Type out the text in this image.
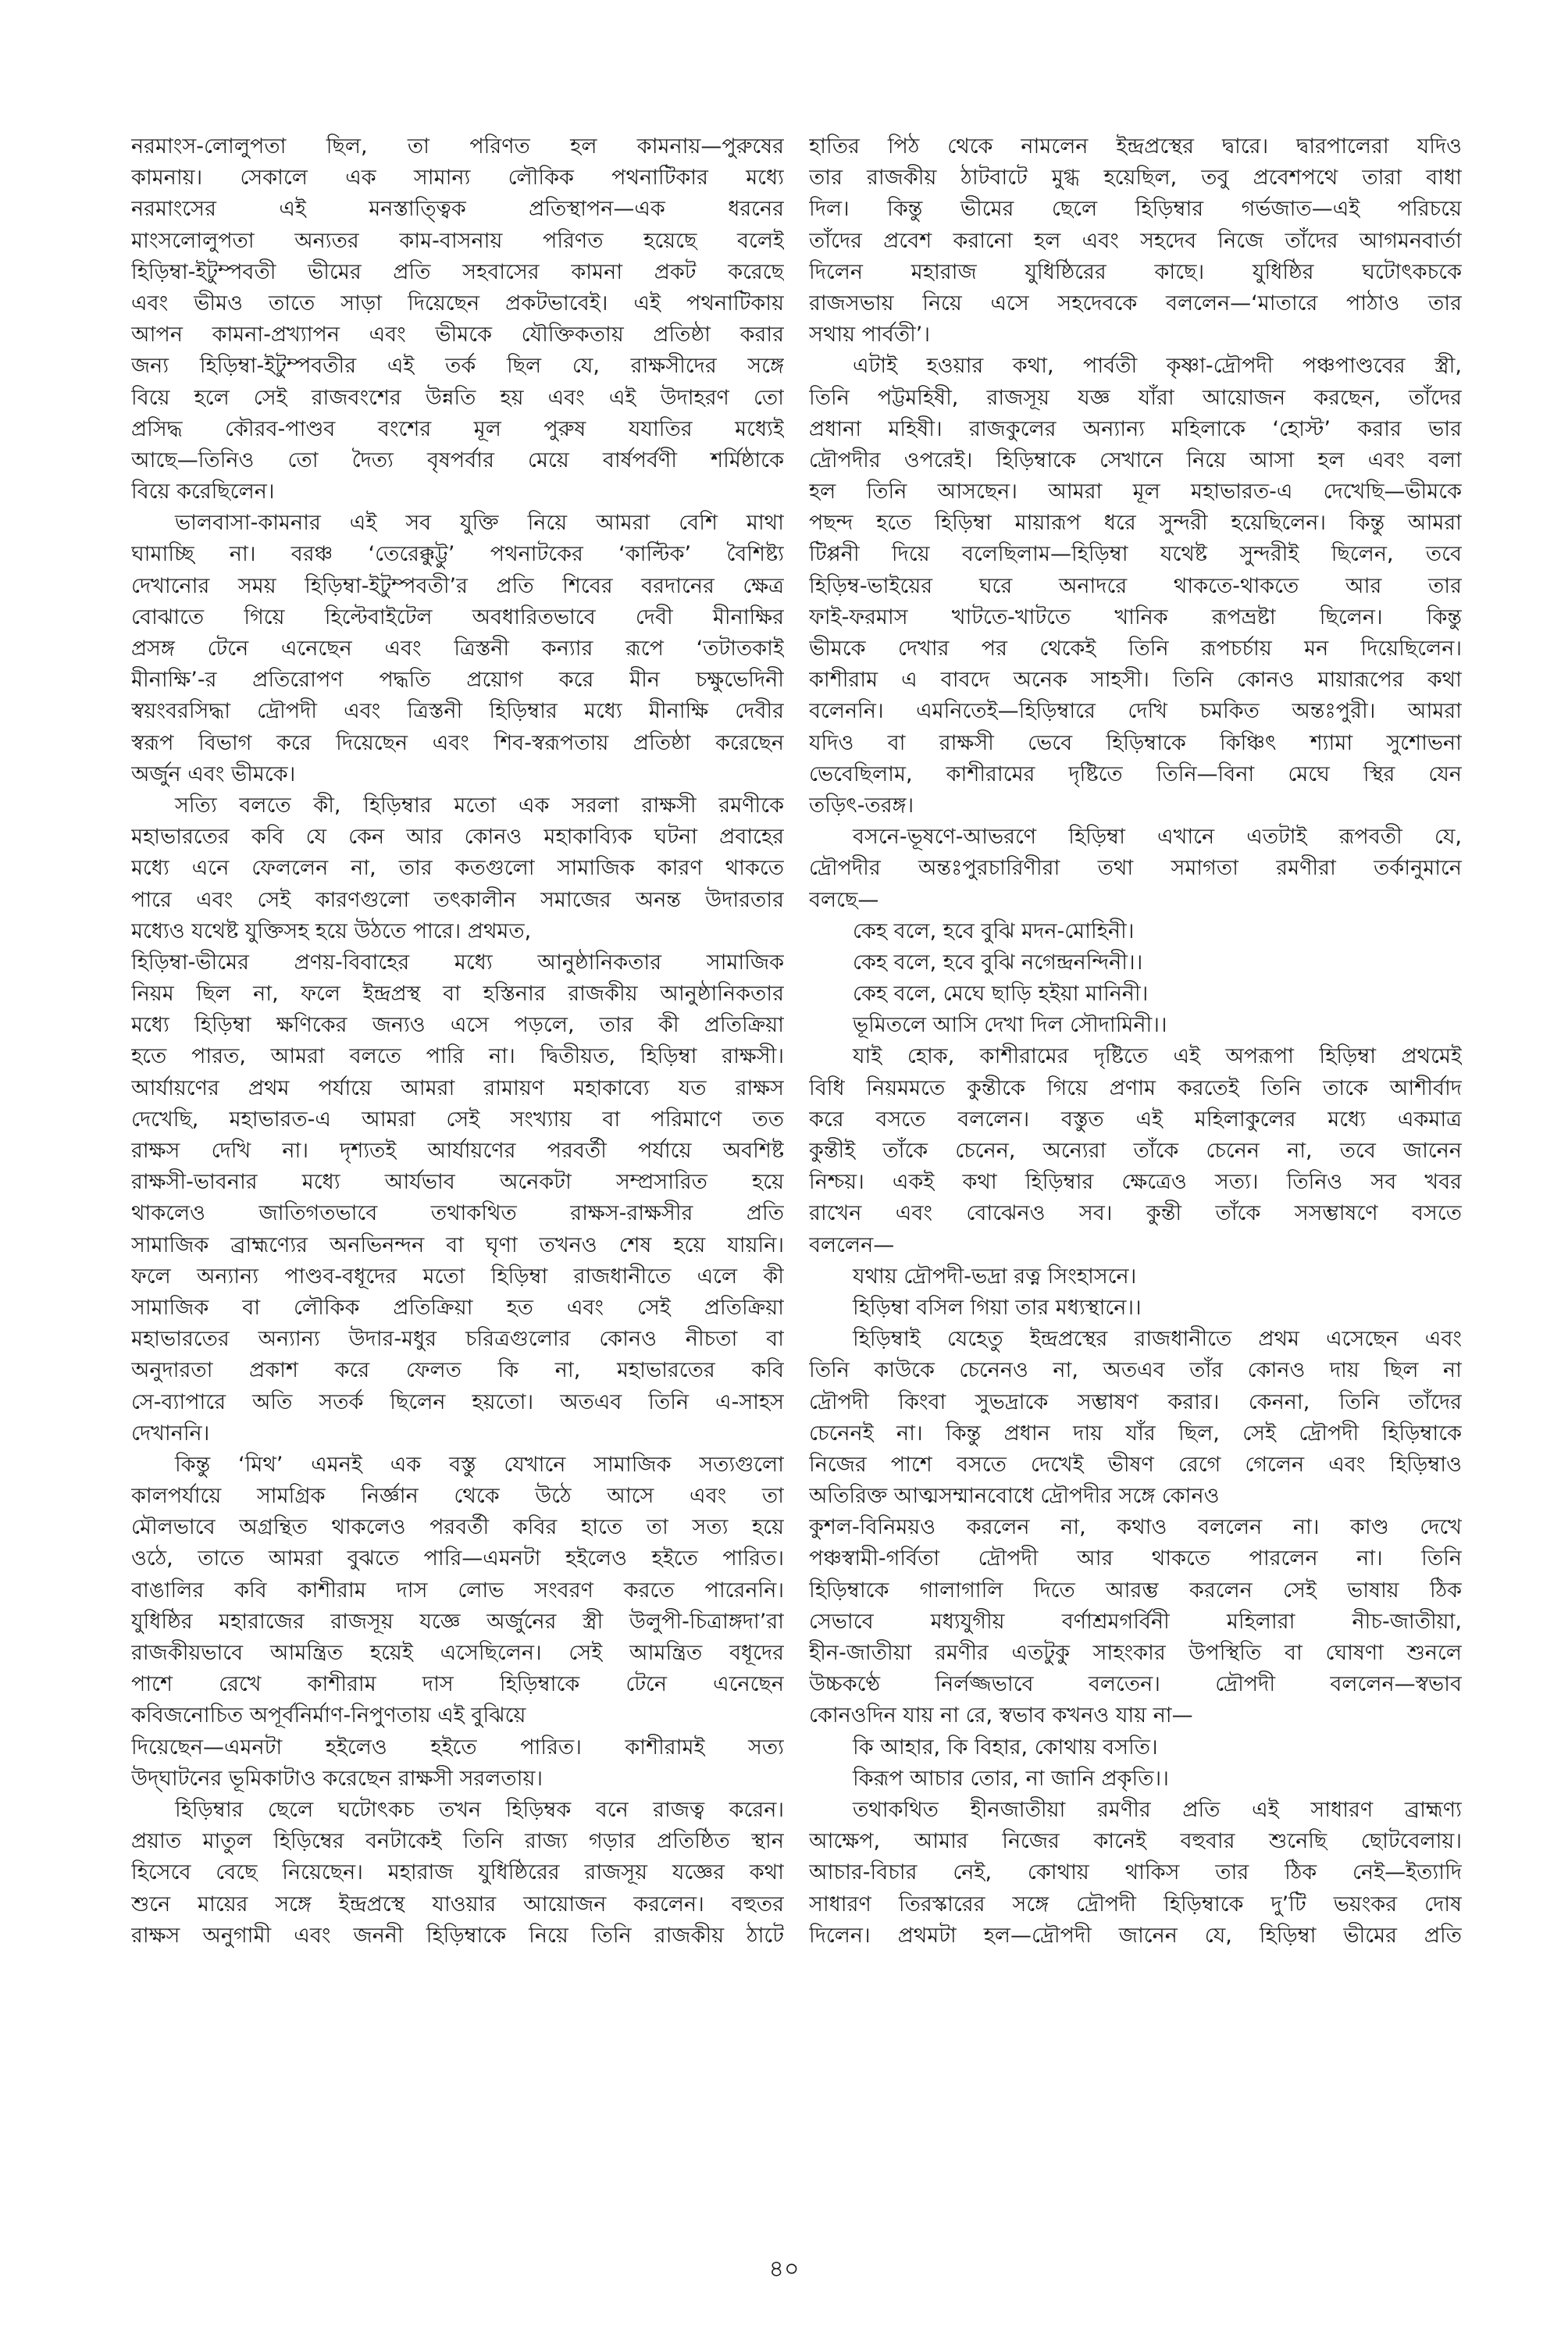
নরমাংস-লোলুপতা ছিল, তা পরিণত হল কামনায়—পুরুষের
কামনায়। সেকালে এক সামান্য লৌকিক পথনাটিকার মধ্যে
নরমাংসের এই মনস্তাত্ত্বিক প্রতিস্থাপন—এক ধরনের
মাংসলোলুপতা অন্যতর কাম-বাসনায় পরিণত হয়েছে বলেই
হিড়িম্বা-ইটুম্পবতী ভীমের প্রতি সহবাসের কামনা প্রকট করেছে
এবং ভীমও তাতে সাড়া দিয়েছেন প্রকটভাবেই। এই পথনাটিকায়
আপন কামনা-প্রখ্যাপন এবং ভীমকে যৌক্তিকতায় প্রতিষ্ঠা করার
জন্য হিড়িম্বা-ইটুম্পবতীর এই তর্ক ছিল যে, রাক্ষসীদের সঙ্গে
বিয়ে হলে সেই রাজবংশের উন্নতি হয় এবং এই উদাহরণ তো
প্রসিদ্ধ কৌরব-পাণ্ডব বংশের মূল পুরুষ যযাতির মধ্যেই
আছে—তিনিও তো দৈত্য বৃষপর্বার মেয়ে বার্ষপর্বণী শর্মিষ্ঠাকে
বিয়ে করেছিলেন।
ভালবাসা-কামনার এই সব যুক্তি নিয়ে আমরা বেশি মাথা
ঘামাচ্ছি না। বরঞ্চ ‘তেরেক্কুট্টু’ পথনাটকের ‘কাল্টিক’ বৈশিষ্ট্য
দেখানোর সময় হিড়িম্বা-ইটুম্পবতী’র প্রতি শিবের বরদানের ক্ষেত্র
বোঝাতে গিয়ে হিল্টেবাইটেল অবধারিতভাবে দেবী মীনাক্ষির
প্রসঙ্গ টেনে এনেছেন এবং ত্রিস্তনী কন্যার রূপে ‘তটাতকাই
মীনাক্ষি’-র প্রতিরোপণ পদ্ধতি প্রয়োগ করে মীন চক্ষুভেদিনী
স্বয়ংবরসিদ্ধা দ্রৌপদী এবং ত্রিস্তনী হিড়িম্বার মধ্যে মীনাক্ষি দেবীর
স্বরূপ বিভাগ করে দিয়েছেন এবং শিব-স্বরূপতায় প্রতিষ্ঠা করেছেন
অর্জুন এবং ভীমকে।
সত্যি বলতে কী, হিড়িম্বার মতো এক সরলা রাক্ষসী রমণীকে
মহাভারতের কবি যে কেন আর কোনও মহাকাব্যিক ঘটনা প্রবাহের
মধ্যে এনে ফেললেন না, তার কতগুলো সামাজিক কারণ থাকতে
পারে এবং সেই কারণগুলো তৎকালীন সমাজের অনন্ত উদারতার
মধ্যেও যথেষ্ট যুক্তিসহ হয়ে উঠতে পারে। প্রথমত,
হিড়িম্বা-ভীমের প্রণয়-বিবাহের মধ্যে আনুষ্ঠানিকতার সামাজিক
নিয়ম ছিল না, ফলে ইন্দ্রপ্রস্থ বা হস্তিনার রাজকীয় আনুষ্ঠানিকতার
মধ্যে হিড়িম্বা ক্ষণিকের জন্যও এসে পড়লে, তার কী প্রতিক্রিয়া
হতে পারত, আমরা বলতে পারি না। দ্বিতীয়ত, হিড়িম্বা রাক্ষসী।
আর্যায়ণের প্রথম পর্যায়ে আমরা রামায়ণ মহাকাব্যে যত রাক্ষস
দেখেছি, মহাভারত-এ আমরা সেই সংখ্যায় বা পরিমাণে তত
রাক্ষস দেখি না। দৃশ্যতই আর্যায়ণের পরবর্তী পর্যায়ে অবশিষ্ট
রাক্ষসী-ভাবনার মধ্যে আর্যভাব অনেকটা সম্প্রসারিত হয়ে
থাকলেও জাতিগতভাবে তথাকথিত রাক্ষস-রাক্ষসীর প্রতি
সামাজিক ব্রাহ্মণ্যের অনভিনন্দন বা ঘৃণা তখনও শেষ হয়ে যায়নি।
ফলে অন্যান্য পাণ্ডব-বধূদের মতো হিড়িম্বা রাজধানীতে এলে কী
সামাজিক বা লৌকিক প্রতিক্রিয়া হত এবং সেই প্রতিক্রিয়া
মহাভারতের অন্যান্য উদার-মধুর চরিত্রগুলোর কোনও নীচতা বা
অনুদারতা প্রকাশ করে ফেলত কি না, মহাভারতের কবি
সে-ব্যাপারে অতি সতর্ক ছিলেন হয়তো। অতএব তিনি এ-সাহস
দেখাননি।
কিন্তু ‘মিথ’ এমনই এক বস্তু যেখানে সামাজিক সত্যগুলো
কালপর্যায়ে সামগ্রিক নির্জ্ঞান থেকে উঠে আসে এবং তা
মৌলভাবে অগ্রন্থিত থাকলেও পরবর্তী কবির হাতে তা সত্য হয়ে
ওঠে, তাতে আমরা বুঝতে পারি—এমনটা হইলেও হইতে পারিত।
বাঙালির কবি কাশীরাম দাস লোভ সংবরণ করতে পারেননি।
যুধিষ্ঠির মহারাজের রাজসূয় যজ্ঞে অর্জুনের স্ত্রী উলুপী-চিত্রাঙ্গদা’রা
রাজকীয়ভাবে আমন্ত্রিত হয়েই এসেছিলেন। সেই আমন্ত্রিত বধূদের
পাশে রেখে কাশীরাম দাস হিড়িম্বাকে টেনে এনেছেন
কবিজনোচিত অপূর্বনির্মাণ-নিপুণতায় এই বুঝিয়ে
দিয়েছেন—এমনটা হইলেও হইতে পারিত। কাশীরামই সত্য
উদ্‌ঘাটনের ভূমিকাটাও করেছেন রাক্ষসী সরলতায়।
হিড়িম্বার ছেলে ঘটোৎকচ তখন হিড়িম্বক বনে রাজত্ব করেন।
প্রয়াত মাতুল হিড়িম্বের বনটাকেই তিনি রাজ্য গড়ার প্রতিষ্ঠিত স্থান
হিসেবে বেছে নিয়েছেন। মহারাজ যুধিষ্ঠিরের রাজসূয় যজ্ঞের কথা
শুনে মায়ের সঙ্গে ইন্দ্রপ্রস্থে যাওয়ার আয়োজন করলেন। বহুতর
রাক্ষস অনুগামী এবং জননী হিড়িম্বাকে নিয়ে তিনি রাজকীয় ঠাটে
হাতির পিঠ থেকে নামলেন ইন্দ্রপ্রস্থের দ্বারে। দ্বারপালেরা যদিও
তার রাজকীয় ঠাটবাটে মুগ্ধ হয়েছিল, তবু প্রবেশপথে তারা বাধা
দিল। কিন্তু ভীমের ছেলে হিড়িম্বার গর্ভজাত—এই পরিচয়ে
তাঁদের প্রবেশ করানো হল এবং সহদেব নিজে তাঁদের আগমনবার্তা
দিলেন মহারাজ যুধিষ্ঠিরের কাছে। যুধিষ্ঠির ঘটোৎকচকে
রাজসভায় নিয়ে এসে সহদেবকে বললেন—‘মাতারে পাঠাও তার
সথায় পার্বতী’।
এটাই হওয়ার কথা, পার্বতী কৃষ্ণা-দ্রৌপদী পঞ্চপাণ্ডবের স্ত্রী,
তিনি পট্টমহিষী, রাজসূয় যজ্ঞ যাঁরা আয়োজন করছেন, তাঁদের
প্রধানা মহিষী। রাজকুলের অন্যান্য মহিলাকে ‘হোস্ট’ করার ভার
দ্রৌপদীর ওপরেই। হিড়িম্বাকে সেখানে নিয়ে আসা হল এবং বলা
হল তিনি আসছেন। আমরা মূল মহাভারত-এ দেখেছি—ভীমকে
পছন্দ হতে হিড়িম্বা মায়ারূপ ধরে সুন্দরী হয়েছিলেন। কিন্তু আমরা
টিপ্পনী দিয়ে বলেছিলাম—হিড়িম্বা যথেষ্ট সুন্দরীই ছিলেন, তবে
হিড়িম্ব-ভাইয়ের ঘরে অনাদরে থাকতে-থাকতে আর তার
ফাই-ফরমাস খাটতে-খাটতে খানিক রূপভ্রষ্টা ছিলেন। কিন্তু
ভীমকে দেখার পর থেকেই তিনি রূপচর্চায় মন দিয়েছিলেন।
কাশীরাম এ বাবদে অনেক সাহসী। তিনি কোনও মায়ারূপের কথা
বলেননি। এমনিতেই—হিড়িম্বারে দেখি চমকিত অন্তঃপুরী। আমরা
যদিও বা রাক্ষসী ভেবে হিড়িম্বাকে কিঞ্চিৎ শ্যামা সুশোভনা
ভেবেছিলাম, কাশীরামের দৃষ্টিতে তিনি—বিনা মেঘে স্থির যেন
তড়িৎ-তরঙ্গ।
বসনে-ভূষণে-আভরণে হিড়িম্বা এখানে এতটাই রূপবতী যে,
দ্রৌপদীর অন্তঃপুরচারিণীরা তথা সমাগতা রমণীরা তর্কানুমানে
বলছে—
কেহ বলে, হবে বুঝি মদন-মোহিনী।
কেহ বলে, হবে বুঝি নগেন্দ্রনন্দিনী।।
কেহ বলে, মেঘে ছাড়ি হইয়া মানিনী।
ভূমিতলে আসি দেখা দিল সৌদামিনী।।
যাই হোক, কাশীরামের দৃষ্টিতে এই অপরূপা হিড়িম্বা প্রথমেই
বিধি নিয়মমতে কুন্তীকে গিয়ে প্রণাম করতেই তিনি তাকে আশীর্বাদ
করে বসতে বললেন। বস্তুত এই মহিলাকুলের মধ্যে একমাত্র
কুন্তীই তাঁকে চেনেন, অন্যেরা তাঁকে চেনেন না, তবে জানেন
নিশ্চয়। একই কথা হিড়িম্বার ক্ষেত্রেও সত্য। তিনিও সব খবর
রাখেন এবং বোঝেনও সব। কুন্তী তাঁকে সসম্ভাষণে বসতে
বললেন—
যথায় দ্রৌপদী-ভদ্রা রত্ন সিংহাসনে।
হিড়িম্বা বসিল গিয়া তার মধ্যস্থানে।।
হিড়িম্বাই যেহেতু ইন্দ্রপ্রস্থের রাজধানীতে প্রথম এসেছেন এবং
তিনি কাউকে চেনেনও না, অতএব তাঁর কোনও দায় ছিল না
দ্রৌপদী কিংবা সুভদ্রাকে সম্ভাষণ করার। কেননা, তিনি তাঁদের
চেনেনই না। কিন্তু প্রধান দায় যাঁর ছিল, সেই দ্রৌপদী হিড়িম্বাকে
নিজের পাশে বসতে দেখেই ভীষণ রেগে গেলেন এবং হিড়িম্বাও
অতিরিক্ত আত্মসম্মানবোধে দ্রৌপদীর সঙ্গে কোনও
কুশল-বিনিময়ও করলেন না, কথাও বললেন না। কাণ্ড দেখে
পঞ্চস্বামী-গর্বিতা দ্রৌপদী আর থাকতে পারলেন না। তিনি
হিড়িম্বাকে গালাগালি দিতে আরম্ভ করলেন সেই ভাষায় ঠিক
সেভাবে মধ্যযুগীয় বর্ণাশ্রমগর্বিনী মহিলারা নীচ-জাতীয়া,
হীন-জাতীয়া রমণীর এতটুকু সাহংকার উপস্থিতি বা ঘোষণা শুনলে
উচ্চকণ্ঠে নির্লজ্জভাবে বলতেন। দ্রৌপদী বললেন—স্বভাব
কোনওদিন যায় না রে, স্বভাব কখনও যায় না—
কি আহার, কি বিহার, কোথায় বসতি।
কিরূপ আচার তোর, না জানি প্রকৃতি।।
তথাকথিত হীনজাতীয়া রমণীর প্রতি এই সাধারণ ব্রাহ্মণ্য
আক্ষেপ, আমার নিজের কানেই বহুবার শুনেছি ছোটবেলায়।
আচার-বিচার নেই, কোথায় থাকিস তার ঠিক নেই—ইত্যাদি
সাধারণ তিরস্কারের সঙ্গে দ্রৌপদী হিড়িম্বাকে দু’টি ভয়ংকর দোষ
দিলেন। প্রথমটা হল—দ্রৌপদী জানেন যে, হিড়িম্বা ভীমের প্রতি
৪০
